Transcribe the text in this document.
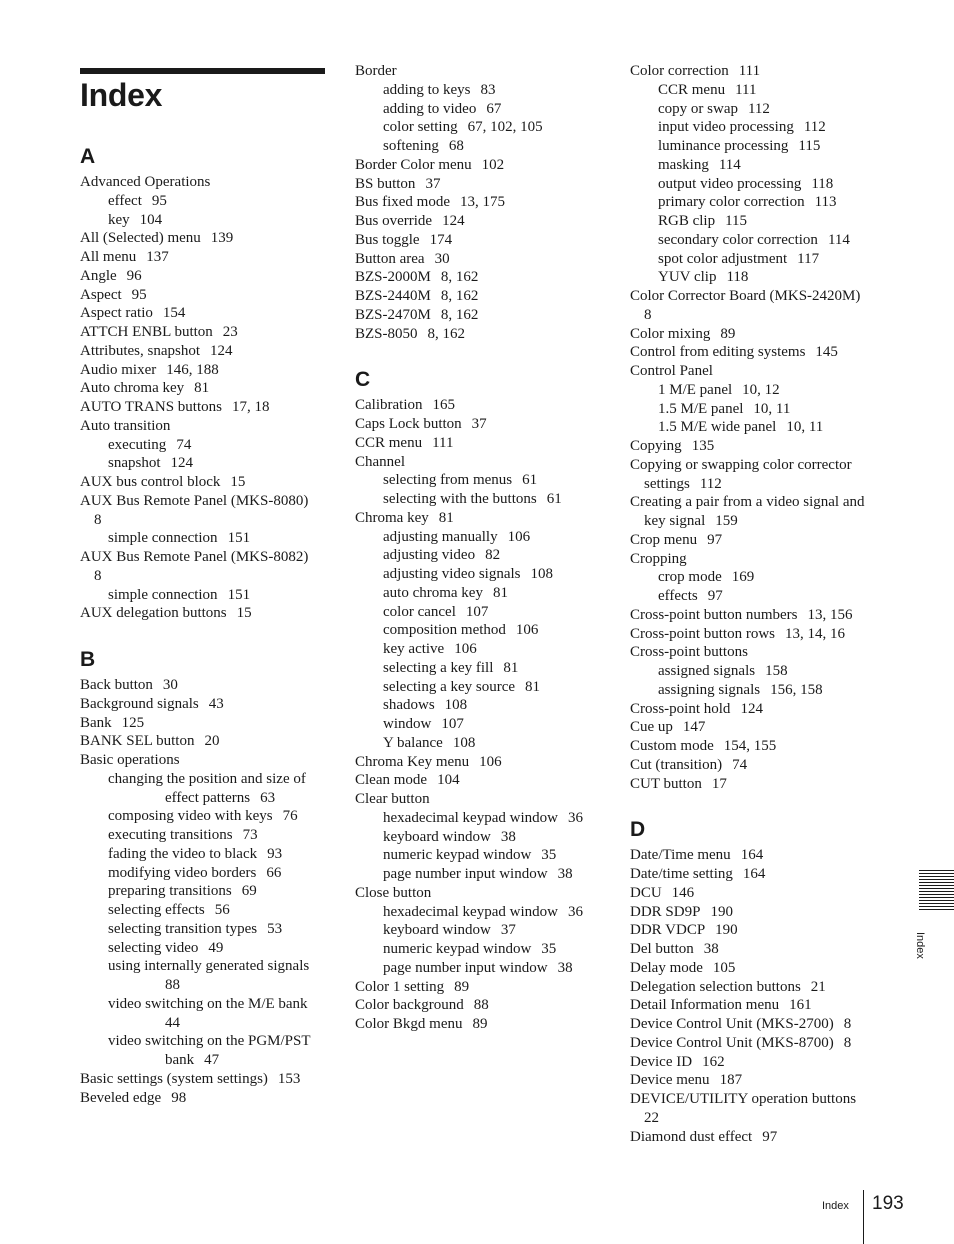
Index
A
Advanced Operations
effect 95
key 104
All (Selected) menu 139
All menu 137
Angle 96
Aspect 95
Aspect ratio 154
ATTCH ENBL button 23
Attributes, snapshot 124
Audio mixer 146, 188
Auto chroma key 81
AUTO TRANS buttons 17, 18
Auto transition
executing 74
snapshot 124
AUX bus control block 15
AUX Bus Remote Panel (MKS-8080)
8
simple connection 151
AUX Bus Remote Panel (MKS-8082)
8
simple connection 151
AUX delegation buttons 15
B
Back button 30
Background signals 43
Bank 125
BANK SEL button 20
Basic operations
changing the position and size of
effect patterns 63
composing video with keys 76
executing transitions 73
fading the video to black 93
modifying video borders 66
preparing transitions 69
selecting effects 56
selecting transition types 53
selecting video 49
using internally generated signals
88
video switching on the M/E bank
44
video switching on the PGM/PST
bank 47
Basic settings (system settings) 153
Beveled edge 98
Border
adding to keys 83
adding to video 67
color setting 67, 102, 105
softening 68
Border Color menu 102
BS button 37
Bus fixed mode 13, 175
Bus override 124
Bus toggle 174
Button area 30
BZS-2000M 8, 162
BZS-2440M 8, 162
BZS-2470M 8, 162
BZS-8050 8, 162
C
Calibration 165
Caps Lock button 37
CCR menu 111
Channel
selecting from menus 61
selecting with the buttons 61
Chroma key 81
adjusting manually 106
adjusting video 82
adjusting video signals 108
auto chroma key 81
color cancel 107
composition method 106
key active 106
selecting a key fill 81
selecting a key source 81
shadows 108
window 107
Y balance 108
Chroma Key menu 106
Clean mode 104
Clear button
hexadecimal keypad window 36
keyboard window 38
numeric keypad window 35
page number input window 38
Close button
hexadecimal keypad window 36
keyboard window 37
numeric keypad window 35
page number input window 38
Color 1 setting 89
Color background 88
Color Bkgd menu 89
Color correction 111
CCR menu 111
copy or swap 112
input video processing 112
luminance processing 115
masking 114
output video processing 118
primary color correction 113
RGB clip 115
secondary color correction 114
spot color adjustment 117
YUV clip 118
Color Corrector Board (MKS-2420M)
8
Color mixing 89
Control from editing systems 145
Control Panel
1 M/E panel 10, 12
1.5 M/E panel 10, 11
1.5 M/E wide panel 10, 11
Copying 135
Copying or swapping color corrector
settings 112
Creating a pair from a video signal and
key signal 159
Crop menu 97
Cropping
crop mode 169
effects 97
Cross-point button numbers 13, 156
Cross-point button rows 13, 14, 16
Cross-point buttons
assigned signals 158
assigning signals 156, 158
Cross-point hold 124
Cue up 147
Custom mode 154, 155
Cut (transition) 74
CUT button 17
D
Date/Time menu 164
Date/time setting 164
DCU 146
DDR SD9P 190
DDR VDCP 190
Del button 38
Delay mode 105
Delegation selection buttons 21
Detail Information menu 161
Device Control Unit (MKS-2700) 8
Device Control Unit (MKS-8700) 8
Device ID 162
Device menu 187
DEVICE/UTILITY operation buttons
22
Diamond dust effect 97
Index
Index 193
